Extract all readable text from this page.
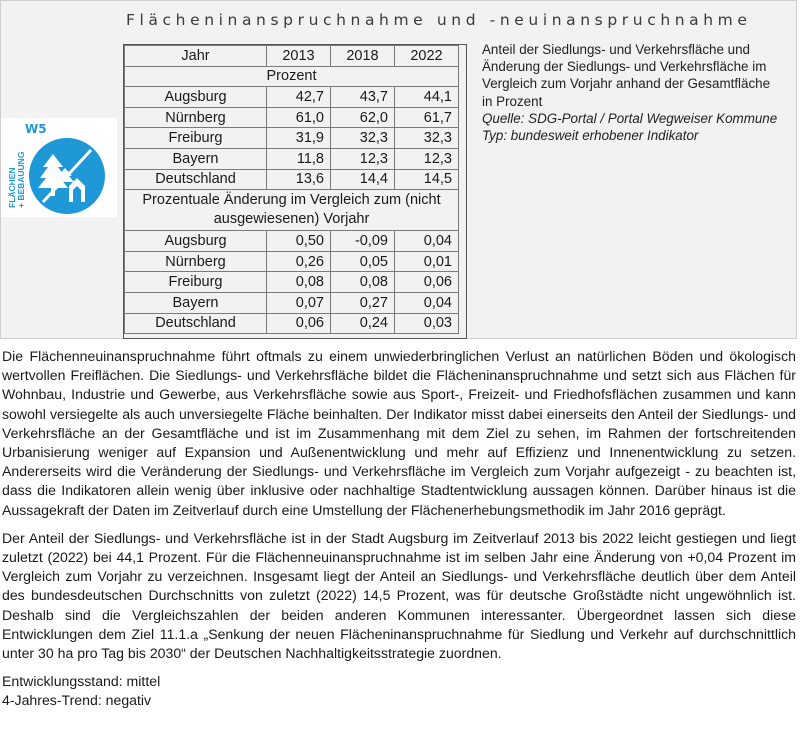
Flächeninanspruchnahme und -neuinanspruchnahme
FLÄCHEN + BEBAUUNG
W5
Jahr	2013	2018	2022
Prozent			
Augsburg	42,7	43,7	44,1
Nürnberg	61,0	62,0	61,7
Freiburg	31,9	32,3	32,3
Bayern	11,8	12,3	12,3
Deutschland	13,6	14,4	14,5
Prozentuale Änderung im Vergleich zum (nicht
ausgewiesenen) Vorjahr			
Augsburg	0,50	-0,09	0,04
Nürnberg	0,26	0,05	0,01
Freiburg	0,08	0,08	0,06
Bayern	0,07	0,27	0,04
Deutschland	0,06	0,24	0,03
Anteil der Siedlungs- und Verkehrsfläche und Änderung der Siedlungs- und Verkehrsfläche im Vergleich zum Vorjahr anhand der Gesamtfläche in Prozent
Quelle: SDG-Portal / Portal Wegweiser Kommune
Typ: bundesweit erhobener Indikator

Die Flächenneuinanspruchnahme führt oftmals zu einem unwiederbringlichen Verlust an natürlichen Böden und ökologisch wertvollen Freiflächen. Die Siedlungs- und Verkehrsfläche bildet die Flächeninanspruchnahme und setzt sich aus Flächen für Wohnbau, Industrie und Gewerbe, aus Verkehrsfläche sowie aus Sport-, Freizeit- und Friedhofsflächen zusammen und kann sowohl versiegelte als auch unversiegelte Fläche beinhalten. Der Indikator misst dabei einerseits den Anteil der Siedlungs- und Verkehrsfläche an der Gesamtfläche und ist im Zusammenhang mit dem Ziel zu sehen, im Rahmen der fortschreitenden Urbanisierung weniger auf Expansion und Außenentwicklung und mehr auf Effizienz und Innenentwicklung zu setzen. Andererseits wird die Veränderung der Siedlungs- und Verkehrsfläche im Vergleich zum Vorjahr aufgezeigt - zu beachten ist, dass die Indikatoren allein wenig über inklusive oder nachhaltige Stadtentwicklung aussagen können. Darüber hinaus ist die Aussagekraft der Daten im Zeitverlauf durch eine Umstellung der Flächenerhebungsmethodik im Jahr 2016 geprägt.

Der Anteil der Siedlungs- und Verkehrsfläche ist in der Stadt Augsburg im Zeitverlauf 2013 bis 2022 leicht gestiegen und liegt zuletzt (2022) bei 44,1 Prozent. Für die Flächenneuinanspruchnahme ist im selben Jahr eine Änderung von +0,04 Prozent im Vergleich zum Vorjahr zu verzeichnen. Insgesamt liegt der Anteil an Siedlungs- und Verkehrsfläche deutlich über dem Anteil des bundesdeutschen Durchschnitts von zuletzt (2022) 14,5 Prozent, was für deutsche Großstädte nicht ungewöhnlich ist. Deshalb sind die Vergleichszahlen der beiden anderen Kommunen interessanter. Übergeordnet lassen sich diese Entwicklungen dem Ziel 11.1.a „Senkung der neuen Flächeninanspruchnahme für Siedlung und Verkehr auf durchschnittlich unter 30 ha pro Tag bis 2030“ der Deutschen Nachhaltigkeitsstrategie zuordnen.

Entwicklungsstand: mittel
4-Jahres-Trend: negativ
